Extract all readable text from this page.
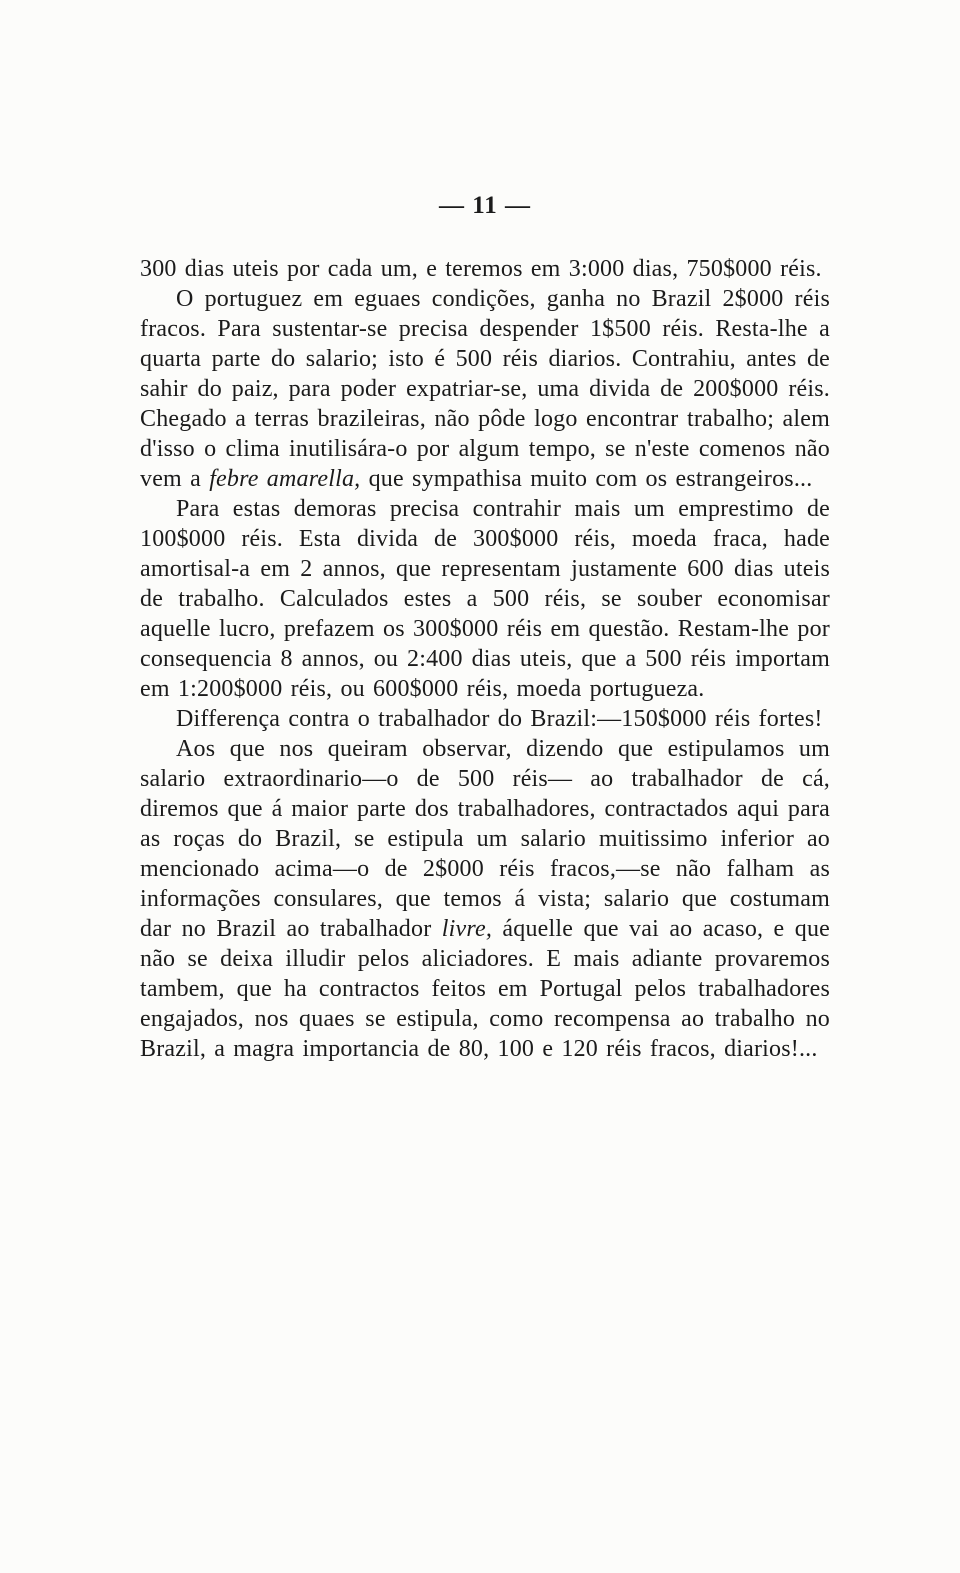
— 11 —

300 dias uteis por cada um, e teremos em 3:000 dias, 750$000 réis.

O portuguez em eguaes condições, ganha no Brazil 2$000 réis fracos. Para sustentar-se precisa despender 1$500 réis. Resta-lhe a quarta parte do salario; isto é 500 réis diarios. Contrahiu, antes de sahir do paiz, para poder expatriar-se, uma divida de 200$000 réis. Chegado a terras brazileiras, não pôde logo encontrar trabalho; alem d'isso o clima inutilisára-o por algum tempo, se n'este comenos não vem a febre amarella, que sympathisa muito com os estrangeiros...

Para estas demoras precisa contrahir mais um emprestimo de 100$000 réis. Esta divida de 300$000 réis, moeda fraca, hade amortisal-a em 2 annos, que representam justamente 600 dias uteis de trabalho. Calculados estes a 500 réis, se souber economisar aquelle lucro, prefazem os 300$000 réis em questão. Restam-lhe por consequencia 8 annos, ou 2:400 dias uteis, que a 500 réis importam em 1:200$000 réis, ou 600$000 réis, moeda portugueza.

Differença contra o trabalhador do Brazil:—150$000 réis fortes!

Aos que nos queiram observar, dizendo que estipulamos um salario extraordinario—o de 500 réis— ao trabalhador de cá, diremos que á maior parte dos trabalhadores, contractados aqui para as roças do Brazil, se estipula um salario muitissimo inferior ao mencionado acima—o de 2$000 réis fracos,—se não falham as informações consulares, que temos á vista; salario que costumam dar no Brazil ao trabalhador livre, áquelle que vai ao acaso, e que não se deixa illudir pelos aliciadores. E mais adiante provaremos tambem, que ha contractos feitos em Portugal pelos trabalhadores engajados, nos quaes se estipula, como recompensa ao trabalho no Brazil, a magra importancia de 80, 100 e 120 réis fracos, diarios!...
